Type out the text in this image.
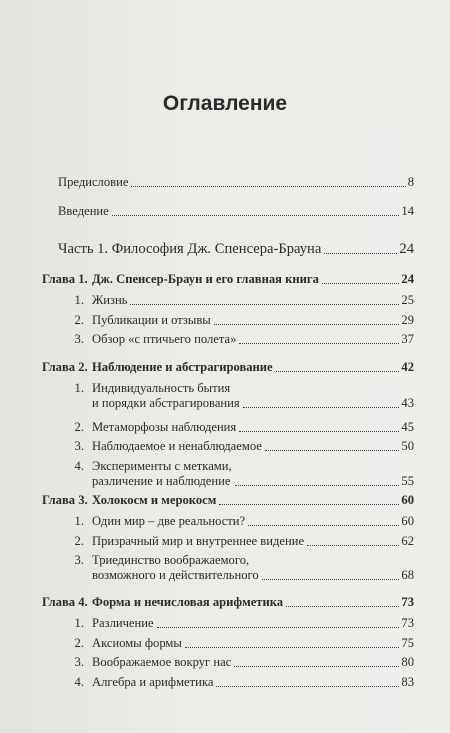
Оглавление
Предисловие	8
Введение	14
Часть 1. Философия Дж. Спенсера-Брауна	24
Глава 1. Дж. Спенсер-Браун и его главная книга	24
1. Жизнь	25
2. Публикации и отзывы	29
3. Обзор «с птичьего полета»	37
Глава 2. Наблюдение и абстрагирование	42
1. Индивидуальность бытия
и порядки абстрагирования	43
2. Метаморфозы наблюдения	45
3. Наблюдаемое и ненаблюдаемое	50
4. Эксперименты с метками,
различение и наблюдение	55
Глава 3. Холокосм и мерокосм	60
1. Один мир – две реальности?	60
2. Призрачный мир и внутреннее видение	62
3. Триединство воображаемого,
возможного и действительного	68
Глава 4. Форма и нечисловая арифметика	73
1. Различение	73
2. Аксиомы формы	75
3. Воображаемое вокруг нас	80
4. Алгебра и арифметика	83
